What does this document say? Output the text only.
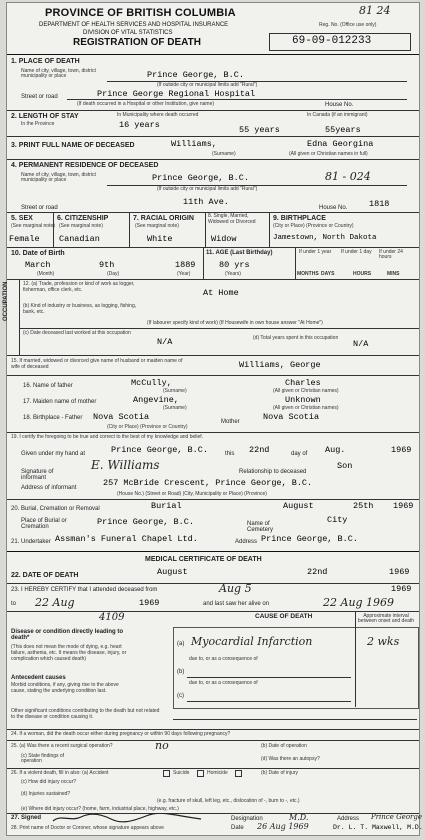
81 24
PROVINCE OF BRITISH COLUMBIA
DEPARTMENT OF HEALTH SERVICES AND HOSPITAL INSURANCE
DIVISION OF VITAL STATISTICS
REGISTRATION OF DEATH
Reg. No. (Office use only)
69-09-012233
1. PLACE OF DEATH
Name of city, village, town, district municipality or place	Prince George, B.C.
(If outside city or municipal limits add "Rural")
Street or road	Prince George Regional Hospital
(If death occurred in a Hospital or other Institution, give name)	House No.
2. LENGTH OF STAY
In the Province
In Municipality where death occurred	In Canada (if an immigrant)
16 years	55 years	55years
3. PRINT FULL NAME OF DECEASED	Williams,	Edna Georgina
(Surname)	(All given or Christian names in full)
4. PERMANENT RESIDENCE OF DECEASED
Name of city, village, town, district municipality or place	Prince George, B.C.	81 - 024
(If outside city or municipal limits add "Rural")
Street or road
11th Ave.
House No.	1818
5. SEX
(See marginal note)
Female
6. CITIZENSHIP
(See marginal note)
Canadian
7. RACIAL ORIGIN
(See marginal note)
White
8. Single, Married, Widowed or Divorced
Widow
9. BIRTHPLACE
(City or Place) (Province or Country)
Jamestown, North Dakota
10. Date of Birth
March	9th	1889
(Month)	(Day)	(Year)
11. AGE (Last Birthday)
80 yrs
(Years)
If under 1 year If under 1 day If under 24 hours
MONTHS DAYS	HOURS	MINS
OCCUPATION	12. (a) Trade, profession or kind of work as logger, fisherman, office clerk, etc.	At Home
(b) Kind of industry or business, as logging, fishing, bank, etc.
(If labourer specify kind of work) (If Housewife in own house answer "At Home")
(c) Date deceased last worked at this occupation
N/A	(d) Total years spent in this occupation
N/A
15. If married, widowed or divorced give name of husband or maiden name of wife of deceased	Williams, George
16. Name of father	McCully,	Charles
(Surname)	(All given or Christian names)
17. Maiden name of mother	Angevine,	Unknown
(Surname)	(All given or Christian names)
18. Birthplace - Father Nova Scotia	Mother	Nova Scotia
(City or Place) (Province or Country)
19. I certify the foregoing to be true and correct to the best of my knowledge and belief.
Given under my hand at	Prince George, B.C.	this 22nd	day of Aug.	1969
Signature of informant
E. Williams	Relationship to deceased
Son
Address of informant	257 McBride Crescent, Prince George, B.C.
(House No.) (Street or Road) (City, Municipality or Place) (Province)
20. Burial, Cremation or Removal	Burial	August	25th 1969
Place of Burial or Cremation	Prince George, B.C.	Name of Cemetery
City
21. Undertaker Assman's Funeral Chapel Ltd.	Address Prince George, B.C.
MEDICAL CERTIFICATE OF DEATH
22. DATE OF DEATH	August	22nd	1969
23. I HEREBY CERTIFY that I attended deceased from	Aug 5	1969
to 22 Aug	1969	and last saw her alive on	22 Aug 1969
CAUSE OF DEATH	Approximate interval between onset and death
Disease or condition directly leading to death*
(This does not mean the mode of dying, e.g. heart failure, asthenia, etc. It means the disease, injury, or complication which caused death)
4109
(a) Myocardial Infarction	2 wks
due to, or as a consequence of
(b)
due to, or as a consequence of
(c)
Antecedent causes
Morbid conditions, if any, giving rise to the above cause, stating the underlying condition last.
Other significant conditions contributing to the death but not related to the disease or condition causing it.
24. If a woman, did the death occur either during pregnancy or within 90 days following pregnancy?
25. (a) Was there a recent surgical operation?	no	(b) Date of operation
(c) State findings of operation	(d) Was there an autopsy?
26. If a violent death, fill in also: (a) Accident	Suicide	Homicide	(b) Date of injury
(c) How did injury occur?
(d) Injuries sustained?
(e.g. fracture of skull, left leg, etc., dislocation of -, burn to -, etc.)
(e) Where did injury occur? (home, farm, industrial place, highway, etc.)
27. Signed	Designation	M.D.	Address Prince George
Date 26 Aug 1969
28. Print name of Doctor or Coroner, whose signature appears above	Dr. L. T. Maxwell, M.D.
